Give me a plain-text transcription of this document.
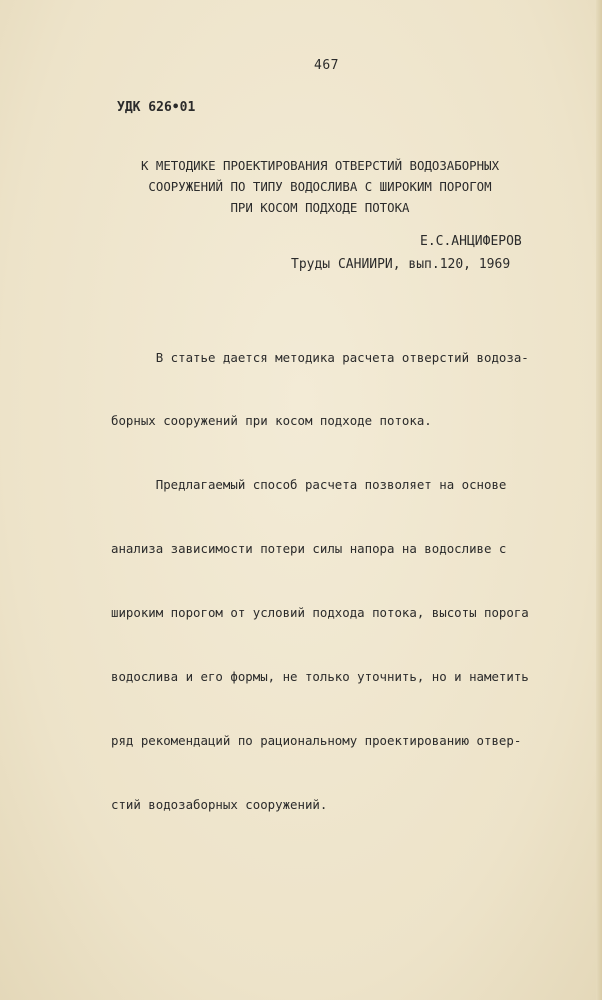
467
УДК 626•01
К МЕТОДИКЕ ПРОЕКТИРОВАНИЯ ОТВЕРСТИЙ ВОДОЗАБОРНЫХ
СООРУЖЕНИЙ ПО ТИПУ ВОДОСЛИВА С ШИРОКИМ ПОРОГОМ
ПРИ КОСОМ ПОДХОДЕ ПОТОКА
Е.С.АНЦИФЕРОВ
Труды САНИИРИ, вып.120, 1969

В статье дается методика расчета отверстий водоза-

борных сооружений при косом подходе потока.

Предлагаемый способ расчета позволяет на основе

анализа зависимости потери силы напора на водосливе с

широким порогом от условий подхода потока, высоты порога

водослива и его формы, не только уточнить, но и наметить

ряд рекомендаций по рациональному проектированию отвер-

стий водозаборных сооружений.
